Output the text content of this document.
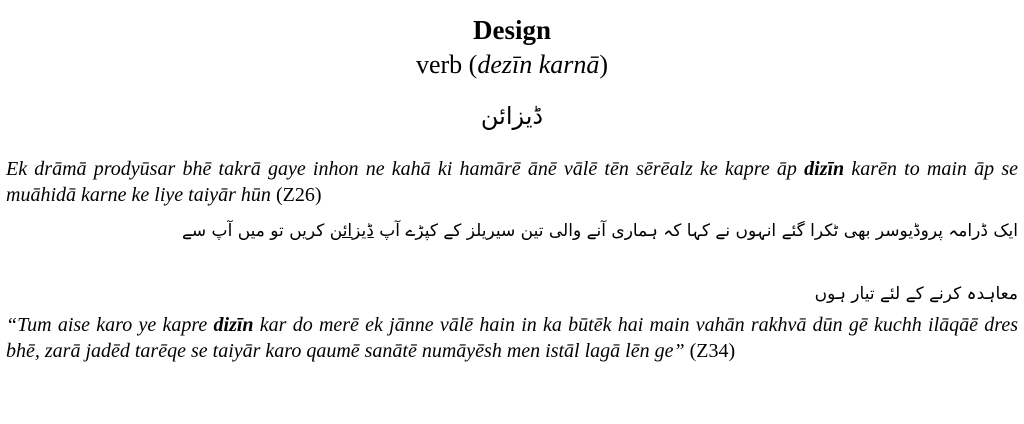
Design
verb (dezīn karnā)
ڈیزائن
Ek drāmā prodyūsar bhē takrā gaye inhon ne kahā ki hamārē ānē vālē tēn sērēalz ke kapre āp dizīn karēn to main āp se muāhidā karne ke liye taiyār hūn (Z26)
ایک ڈرامہ پروڈیوسر بھی ٹکرا گئے انہوں نے کہا کہ ہماری آنے والی تین سیریلز کے کپڑے آپ ڈیزائن کریں تو میں آپ سے
معاہدہ کرنے کے لئے تیار ہوں
“Tum aise karo ye kapre dizīn kar do merē ek jānne vālē hain in ka būtēk hai main vahān rakhvā dūn gē kuchh ilāqāē dres bhē, zarā jadēd tarēqe se taiyār karo qaumē sanātē numāyēsh men istāl lagā lēn ge” (Z34)
